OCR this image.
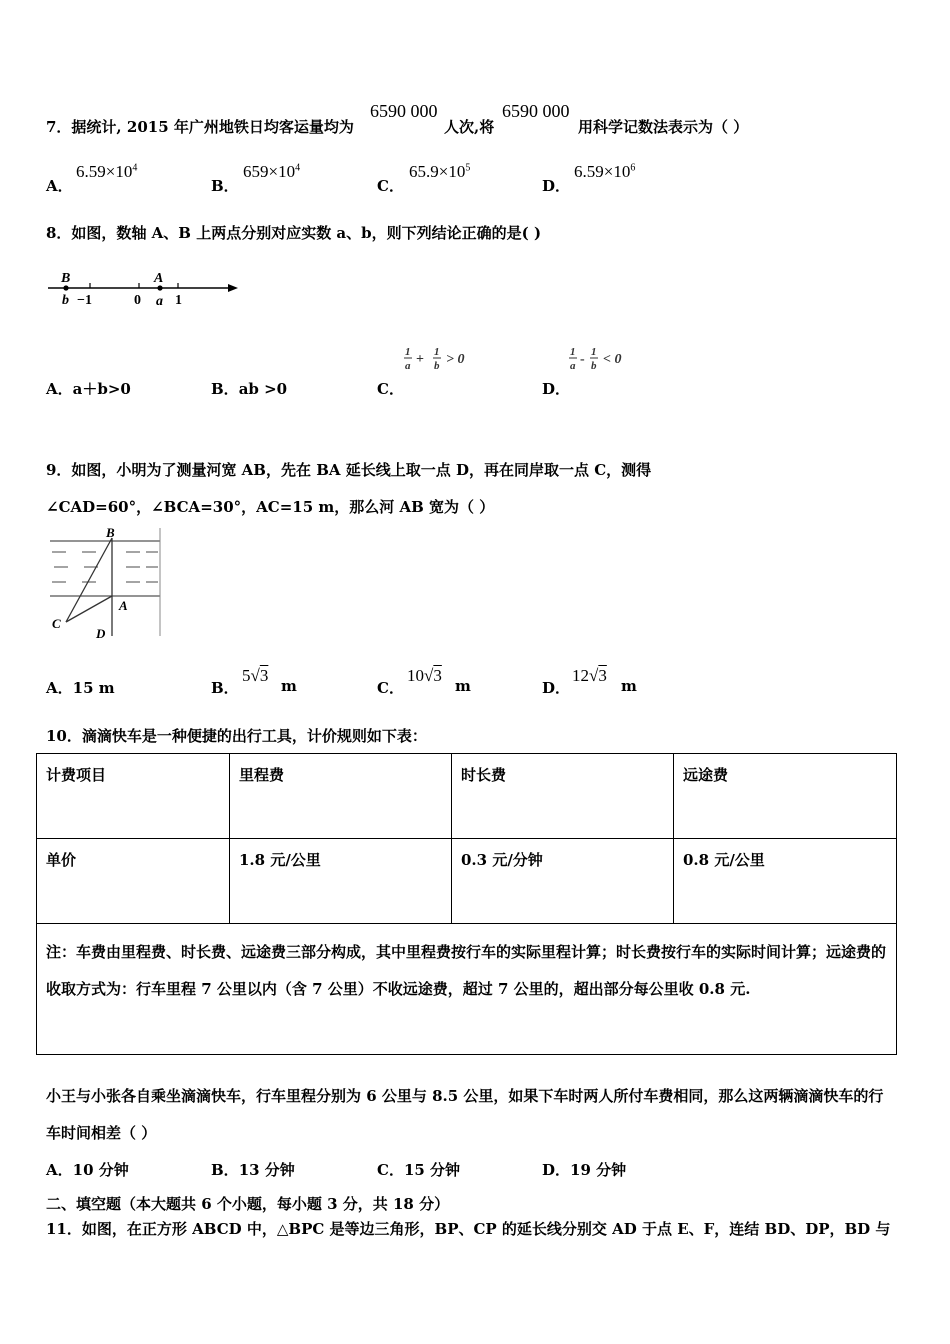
7．据统计, 2015 年广州地铁日均客运量均为
6590 000
人次,将
6590 000
用科学记数法表示为（ ）
A．
$6.59\times 10^4$
B．
$659\times 10^4$
C．
$65.9\times 10^5$
D．
$6.59\times 10^6$
8．如图，数轴 A、B 上两点分别对应实数 a、b，则下列结论正确的是( )
B	A
b −1	0 a 1
A．a＋b>0	B．ab >0	C．
1
a + 1
b > 0
D．
1
a - 1
b < 0
9．如图，小明为了测量河宽 AB，先在 BA 延长线上取一点 D，再在同岸取一点 C，测得
∠CAD=60°，∠BCA=30°，AC=15 m，那么河 AB 宽为（ ）
B
A
C
D
A．15 m	B．
5√3
m	C．
10√3
m	D．
12√3
m
10．滴滴快车是一种便捷的出行工具，计价规则如下表：
计费项目	里程费	时长费	远途费
单价	1.8 元/公里	0.3 元/分钟	0.8 元/公里
注：车费由里程费、时长费、远途费三部分构成，其中里程费按行车的实际里程计算；时长费按行车的实际时间计算；远途费的收取方式为：行车里程 7 公里以内（含 7 公里）不收远途费，超过 7 公里的，超出部分每公里收 0.8 元.			
小王与小张各自乘坐滴滴快车，行车里程分别为 6 公里与 8.5 公里，如果下车时两人所付车费相同，那么这两辆滴滴快车的行车时间相差（ ）
A．10 分钟	B．13 分钟	C．15 分钟	D．19 分钟
二、填空题（本大题共 6 个小题，每小题 3 分，共 18 分）
11．如图，在正方形 ABCD 中，△BPC 是等边三角形，BP、CP 的延长线分别交 AD 于点 E、F，连结 BD、DP，BD 与
